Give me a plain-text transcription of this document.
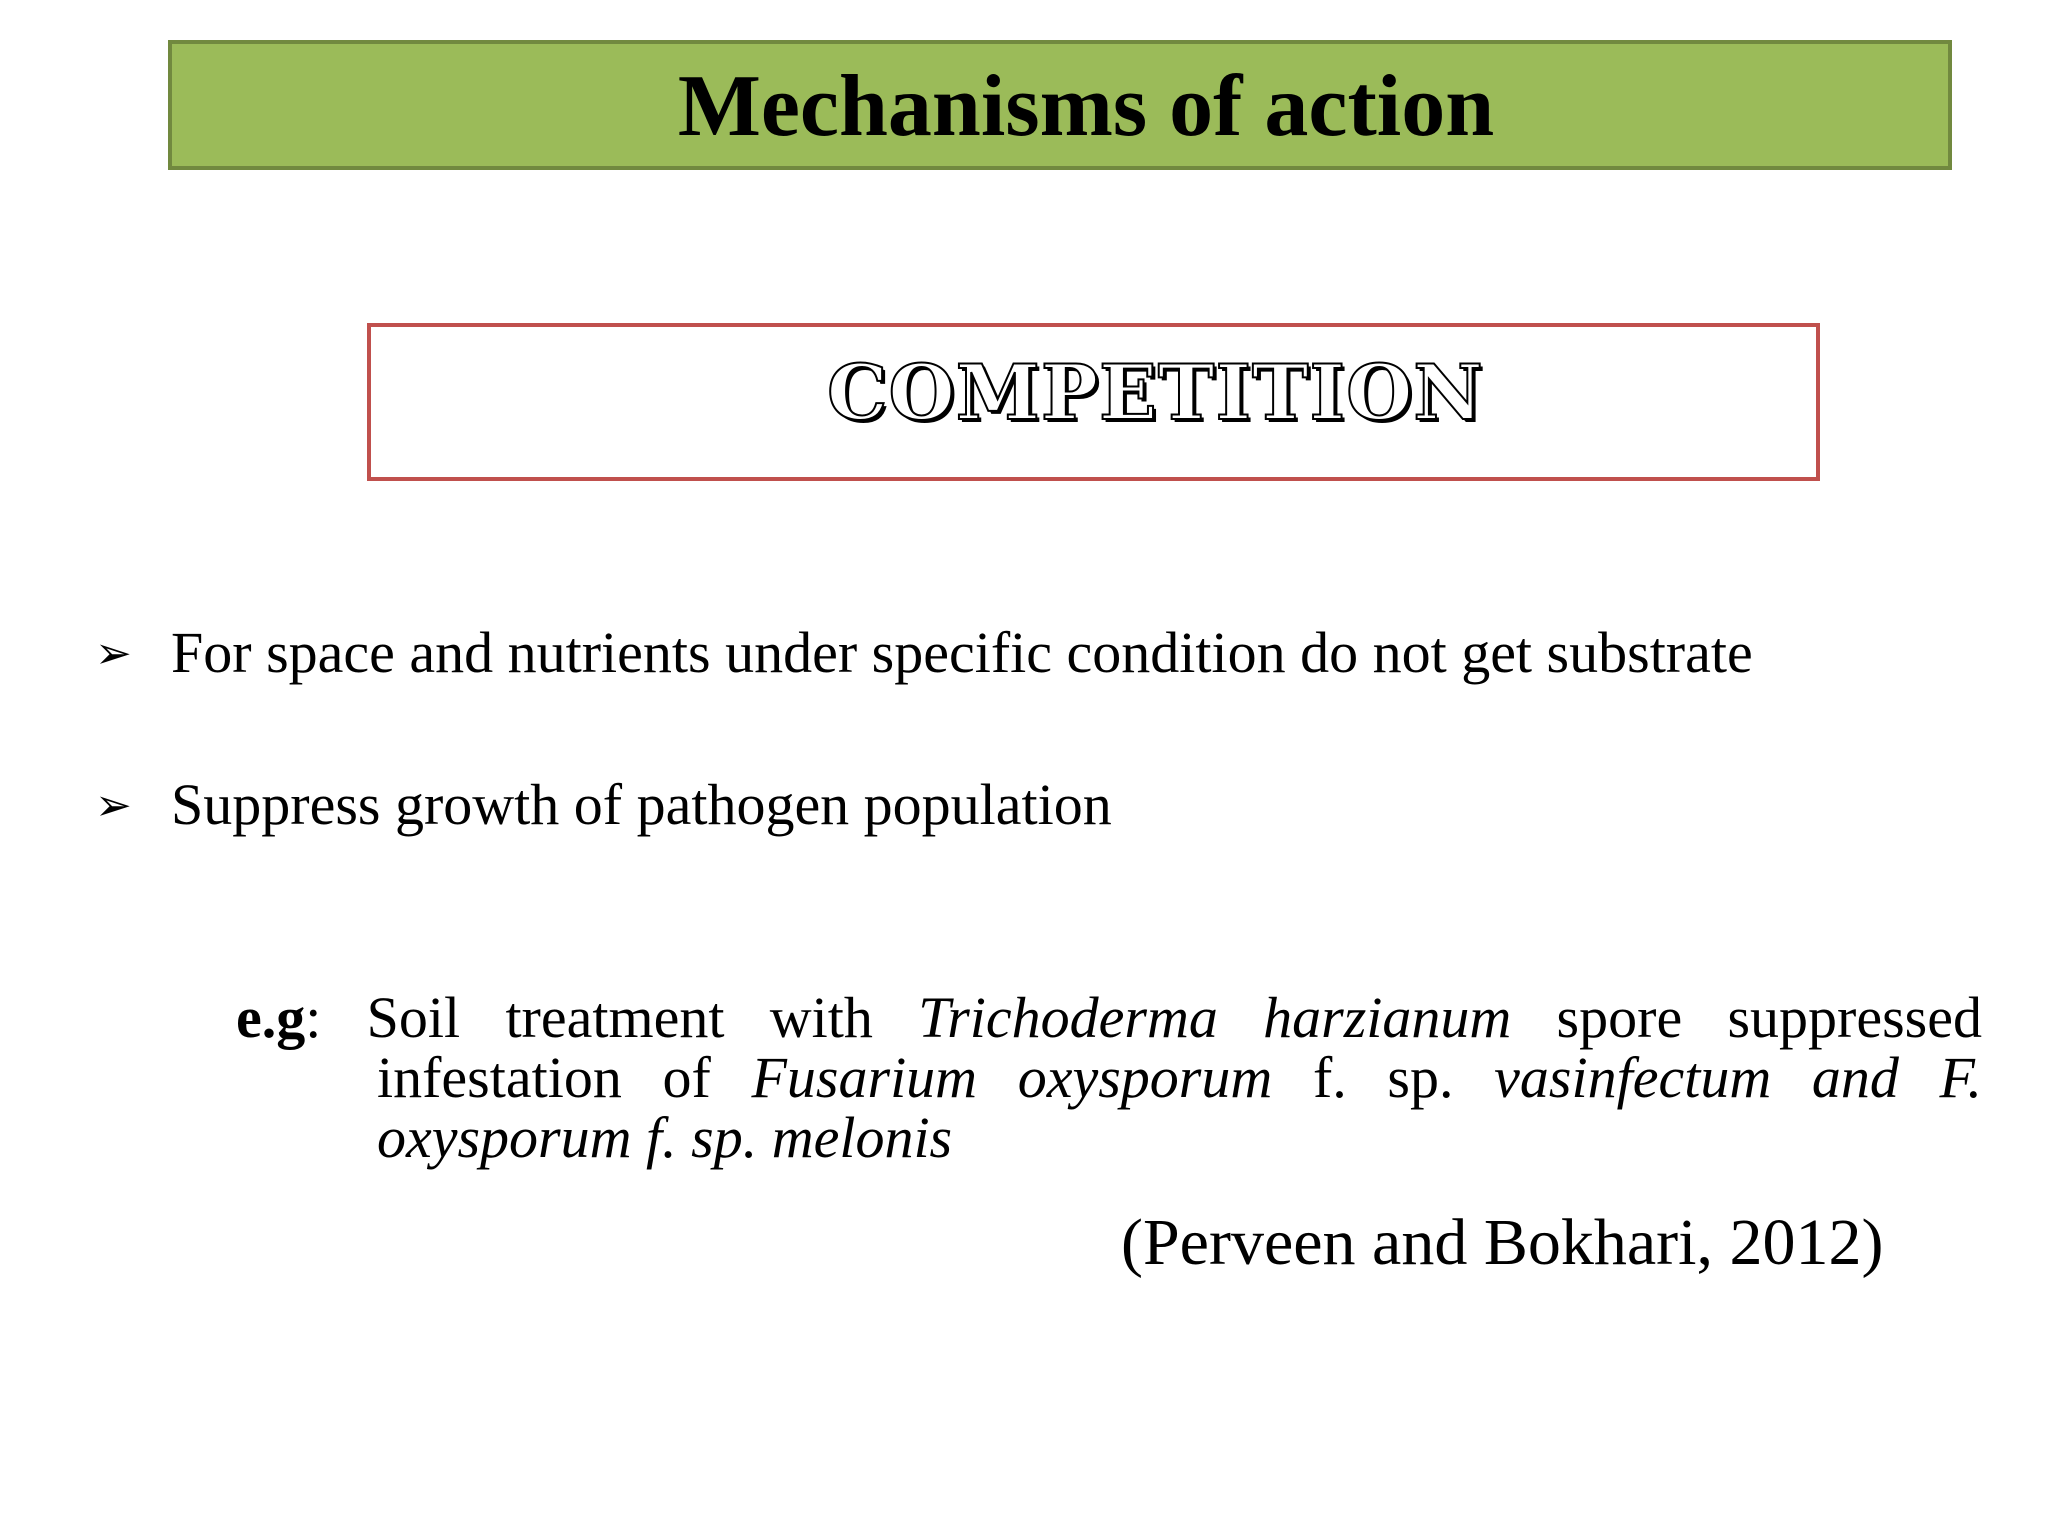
Mechanisms of action
COMPETITION
➢ For space and nutrients under specific condition do not get substrate
➢ Suppress growth of pathogen population

e.g: Soil treatment with Trichoderma harzianum spore suppressed infestation of Fusarium oxysporum f. sp. vasinfectum and F. oxysporum f. sp. melonis

(Perveen and Bokhari, 2012)
